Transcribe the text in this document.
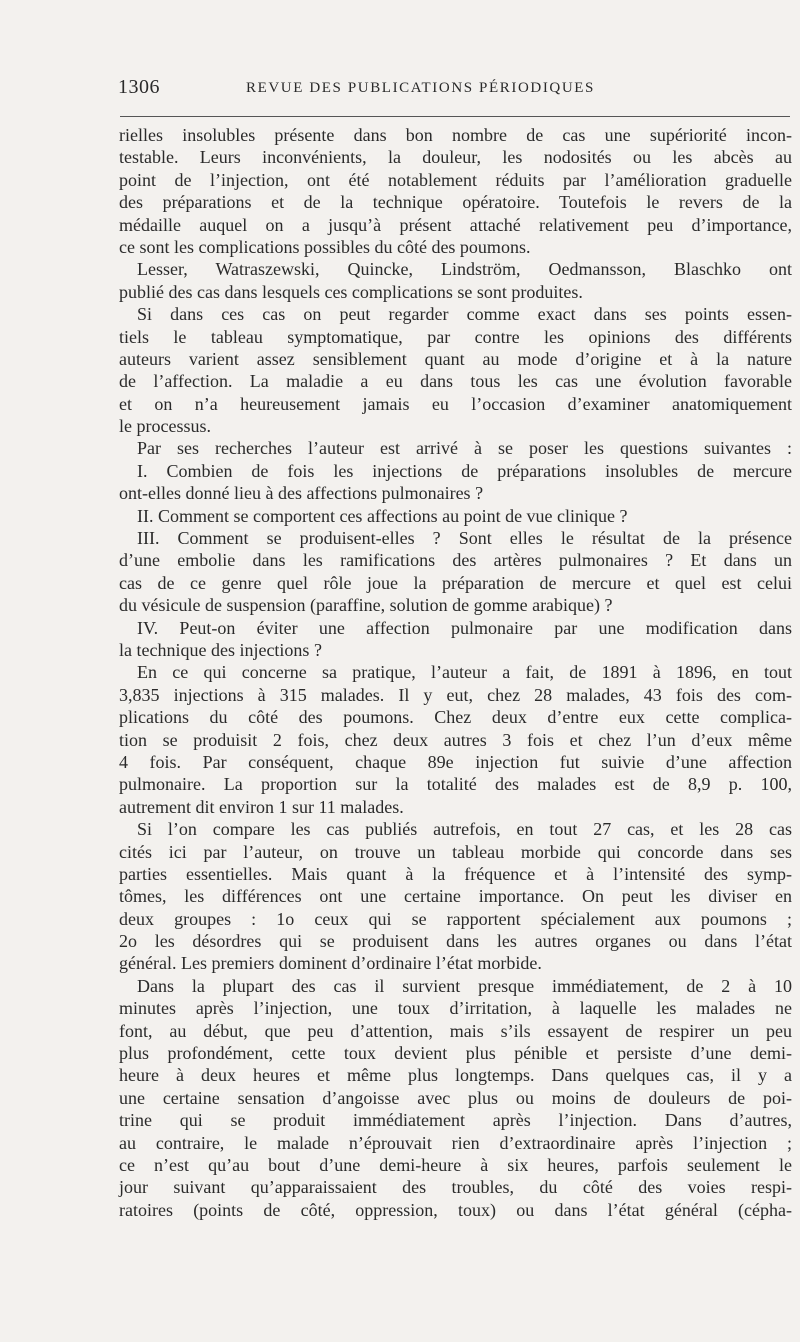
1306	REVUE DES PUBLICATIONS PÉRIODIQUES
rielles insolubles présente dans bon nombre de cas une supériorité incon-
testable. Leurs inconvénients, la douleur, les nodosités ou les abcès au
point de l’injection, ont été notablement réduits par l’amélioration graduelle
des préparations et de la technique opératoire. Toutefois le revers de la
médaille auquel on a jusqu’à présent attaché relativement peu d’importance,
ce sont les complications possibles du côté des poumons.
Lesser, Watraszewski, Quincke, Lindström, Oedmansson, Blaschko ont
publié des cas dans lesquels ces complications se sont produites.
Si dans ces cas on peut regarder comme exact dans ses points essen-
tiels le tableau symptomatique, par contre les opinions des différents
auteurs varient assez sensiblement quant au mode d’origine et à la nature
de l’affection. La maladie a eu dans tous les cas une évolution favorable
et on n’a heureusement jamais eu l’occasion d’examiner anatomiquement
le processus.
Par ses recherches l’auteur est arrivé à se poser les questions suivantes :
I. Combien de fois les injections de préparations insolubles de mercure
ont-elles donné lieu à des affections pulmonaires ?
II. Comment se comportent ces affections au point de vue clinique ?
III. Comment se produisent-elles ? Sont elles le résultat de la présence
d’une embolie dans les ramifications des artères pulmonaires ? Et dans un
cas de ce genre quel rôle joue la préparation de mercure et quel est celui
du vésicule de suspension (paraffine, solution de gomme arabique) ?
IV. Peut-on éviter une affection pulmonaire par une modification dans
la technique des injections ?
En ce qui concerne sa pratique, l’auteur a fait, de 1891 à 1896, en tout
3,835 injections à 315 malades. Il y eut, chez 28 malades, 43 fois des com-
plications du côté des poumons. Chez deux d’entre eux cette complica-
tion se produisit 2 fois, chez deux autres 3 fois et chez l’un d’eux même
4 fois. Par conséquent, chaque 89e injection fut suivie d’une affection
pulmonaire. La proportion sur la totalité des malades est de 8,9 p. 100,
autrement dit environ 1 sur 11 malades.
Si l’on compare les cas publiés autrefois, en tout 27 cas, et les 28 cas
cités ici par l’auteur, on trouve un tableau morbide qui concorde dans ses
parties essentielles. Mais quant à la fréquence et à l’intensité des symp-
tômes, les différences ont une certaine importance. On peut les diviser en
deux groupes : 1o ceux qui se rapportent spécialement aux poumons ;
2o les désordres qui se produisent dans les autres organes ou dans l’état
général. Les premiers dominent d’ordinaire l’état morbide.
Dans la plupart des cas il survient presque immédiatement, de 2 à 10
minutes après l’injection, une toux d’irritation, à laquelle les malades ne
font, au début, que peu d’attention, mais s’ils essayent de respirer un peu
plus profondément, cette toux devient plus pénible et persiste d’une demi-
heure à deux heures et même plus longtemps. Dans quelques cas, il y a
une certaine sensation d’angoisse avec plus ou moins de douleurs de poi-
trine qui se produit immédiatement après l’injection. Dans d’autres,
au contraire, le malade n’éprouvait rien d’extraordinaire après l’injection ;
ce n’est qu’au bout d’une demi-heure à six heures, parfois seulement le
jour suivant qu’apparaissaient des troubles, du côté des voies respi-
ratoires (points de côté, oppression, toux) ou dans l’état général (cépha-
